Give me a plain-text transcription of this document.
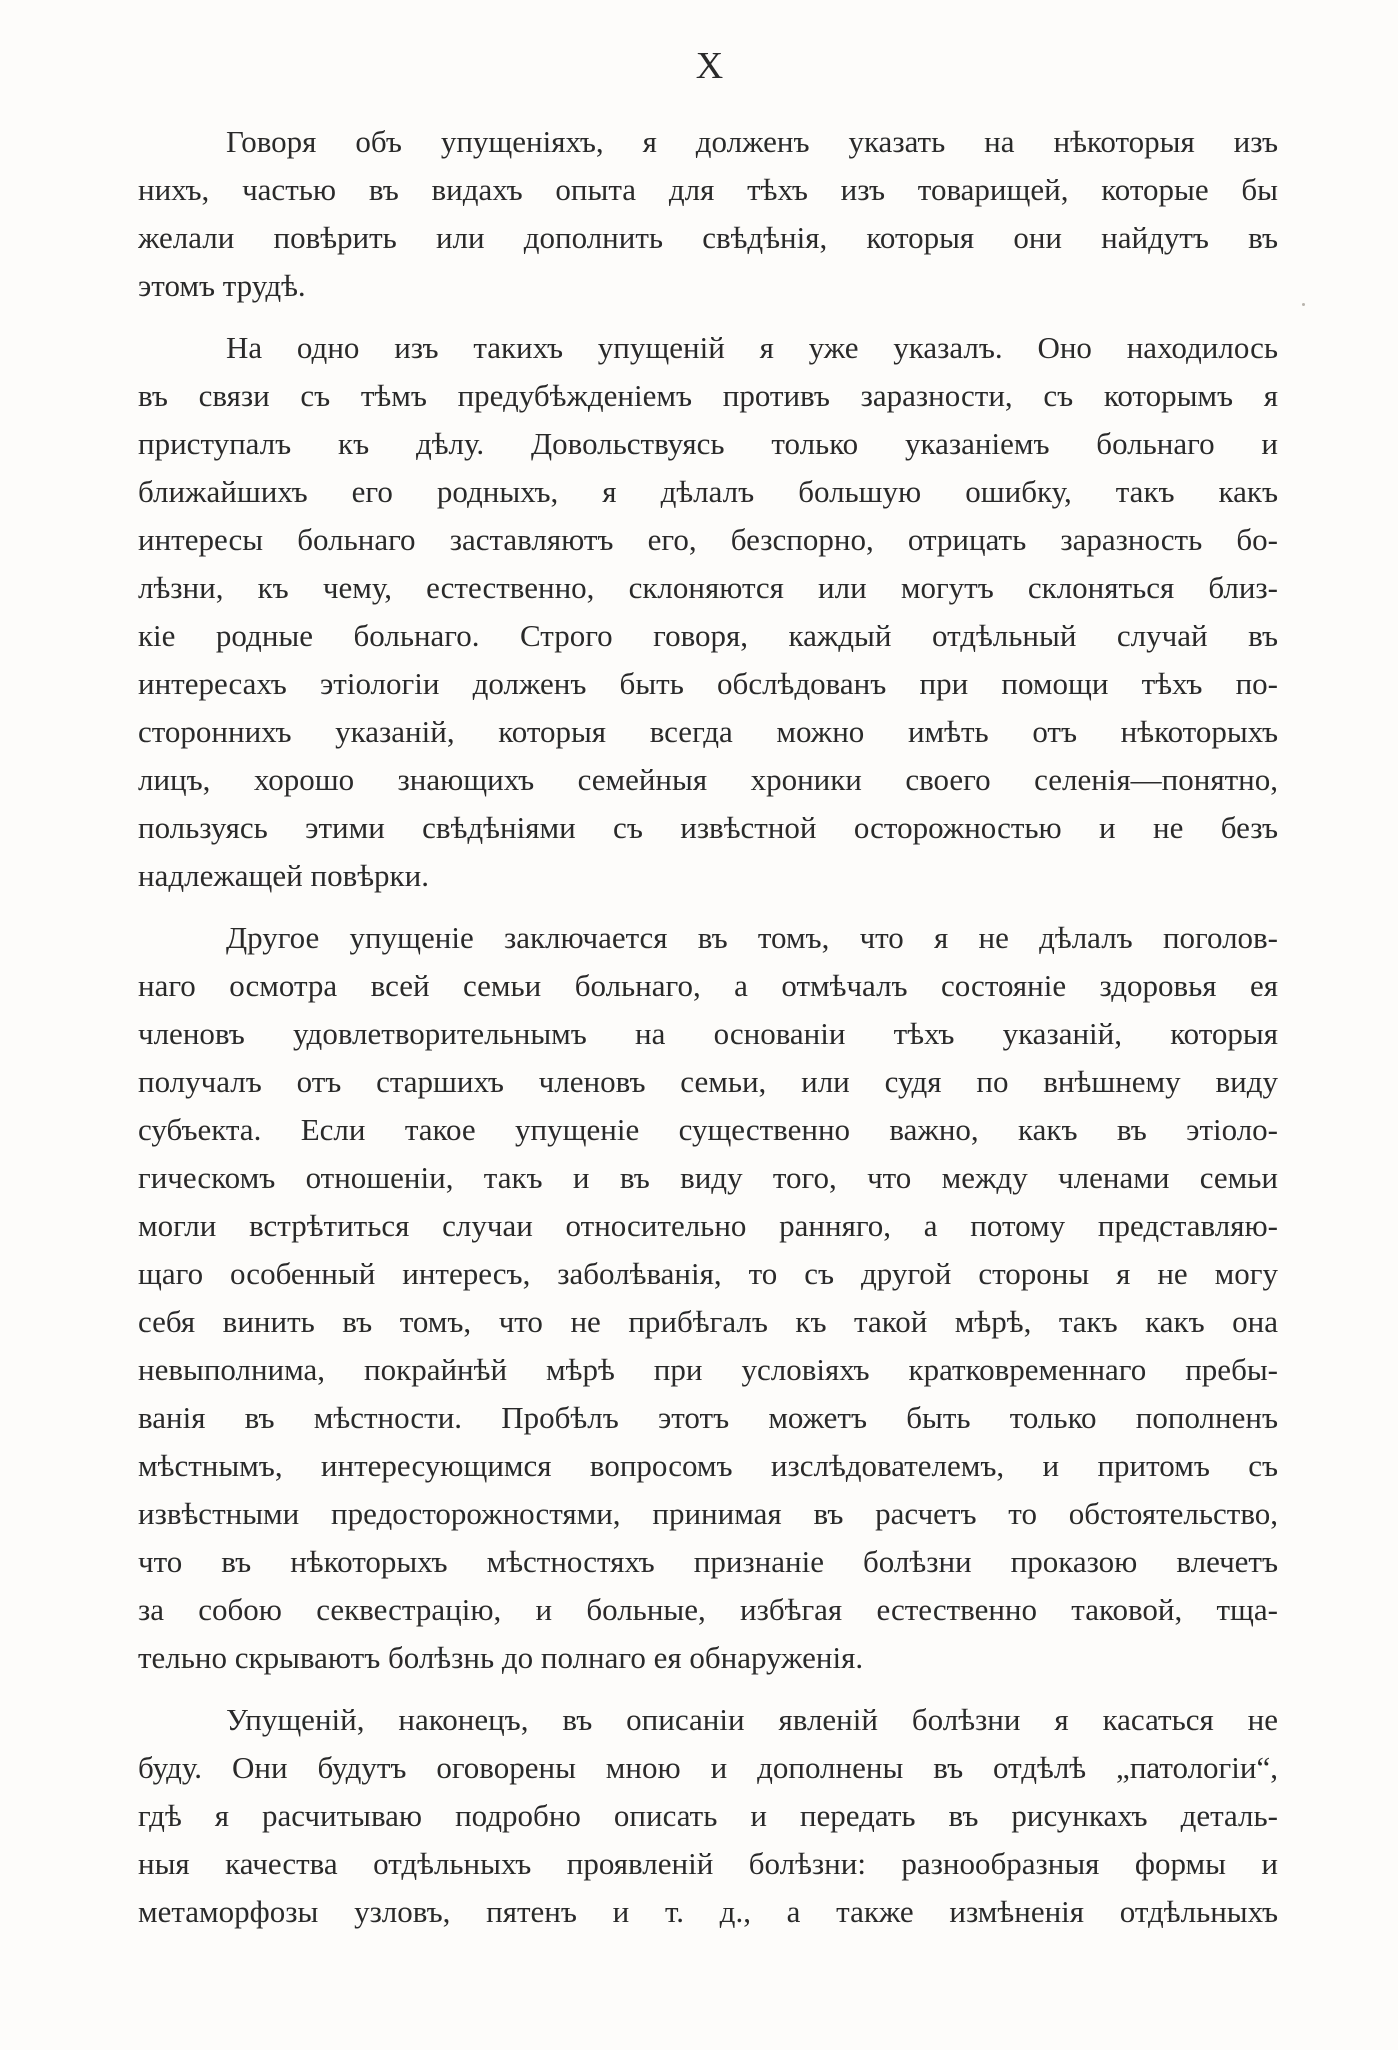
X
Говоря объ упущеніяхъ, я долженъ указать на нѣкоторыя изъ
нихъ, частью въ видахъ опыта для тѣхъ изъ товарищей, которые бы
желали повѣрить или дополнить свѣдѣнія, которыя они найдутъ въ
этомъ трудѣ.
На одно изъ такихъ упущеній я уже указалъ. Оно находилось
въ связи съ тѣмъ предубѣжденіемъ противъ заразности, съ которымъ я
приступалъ къ дѣлу. Довольствуясь только указаніемъ больнаго и
ближайшихъ его родныхъ, я дѣлалъ большую ошибку, такъ какъ
интересы больнаго заставляютъ его, безспорно, отрицать заразность бо-
лѣзни, къ чему, естественно, склоняются или могутъ склоняться близ-
кіе родные больнаго. Строго говоря, каждый отдѣльный случай въ
интересахъ этіологіи долженъ быть обслѣдованъ при помощи тѣхъ по-
стороннихъ указаній, которыя всегда можно имѣть отъ нѣкоторыхъ
лицъ, хорошо знающихъ семейныя хроники своего селенія—понятно,
пользуясь этими свѣдѣніями съ извѣстной осторожностью и не безъ
надлежащей повѣрки.
Другое упущеніе заключается въ томъ, что я не дѣлалъ поголов-
наго осмотра всей семьи больнаго, а отмѣчалъ состояніе здоровья ея
членовъ удовлетворительнымъ на основаніи тѣхъ указаній, которыя
получалъ отъ старшихъ членовъ семьи, или судя по внѣшнему виду
субъекта. Если такое упущеніе существенно важно, какъ въ этіоло-
гическомъ отношеніи, такъ и въ виду того, что между членами семьи
могли встрѣтиться случаи относительно ранняго, а потому представляю-
щаго особенный интересъ, заболѣванія, то съ другой стороны я не могу
себя винить въ томъ, что не прибѣгалъ къ такой мѣрѣ, такъ какъ она
невыполнима, покрайнѣй мѣрѣ при условіяхъ кратковременнаго пребы-
ванія въ мѣстности. Пробѣлъ этотъ можетъ быть только пополненъ
мѣстнымъ, интересующимся вопросомъ изслѣдователемъ, и притомъ съ
извѣстными предосторожностями, принимая въ расчетъ то обстоятельство,
что въ нѣкоторыхъ мѣстностяхъ признаніе болѣзни проказою влечетъ
за собою секвестрацію, и больные, избѣгая естественно таковой, тща-
тельно скрываютъ болѣзнь до полнаго ея обнаруженія.
Упущеній, наконецъ, въ описаніи явленій болѣзни я касаться не
буду. Они будутъ оговорены мною и дополнены въ отдѣлѣ „патологіи“,
гдѣ я расчитываю подробно описать и передать въ рисункахъ деталь-
ныя качества отдѣльныхъ проявленій болѣзни: разнообразныя формы и
метаморфозы узловъ, пятенъ и т. д., а также измѣненія отдѣльныхъ
